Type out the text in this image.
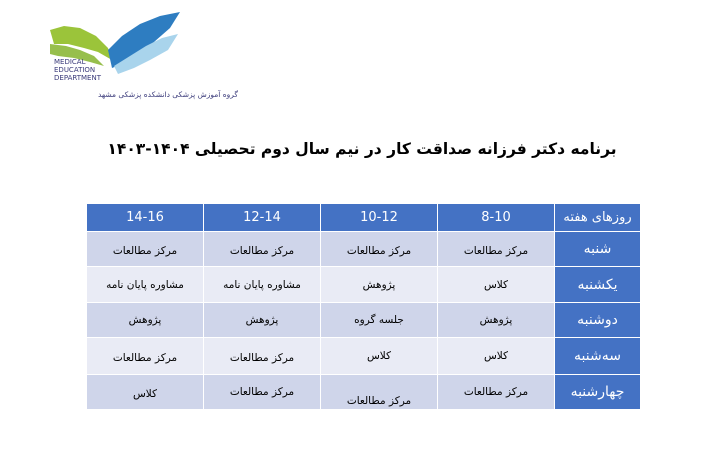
MEDICAL
EDUCATION
DEPARTMENT
گروه آموزش پزشکی دانشکده پزشکی مشهد
برنامه دکتر فرزانه صداقت کار در نیم سال دوم تحصیلی ۱۴۰۴-۱۴۰۳
روزهای هفته	8-10	10-12	12-14	14-16
شنبه	مرکز مطالعات	مرکز مطالعات	مرکز مطالعات	مرکز مطالعات

یکشنبه	کلاس	پژوهش	مشاوره پایان نامه	مشاوره پایان نامه

دوشنبه	پژوهش	جلسه گروه	پژوهش	پژوهش

سه‌شنبه	کلاس	کلاس	مرکز مطالعات	مرکز مطالعات

چهارشنبه	مرکز مطالعات	مرکز مطالعات	مرکز مطالعات	کلاس
